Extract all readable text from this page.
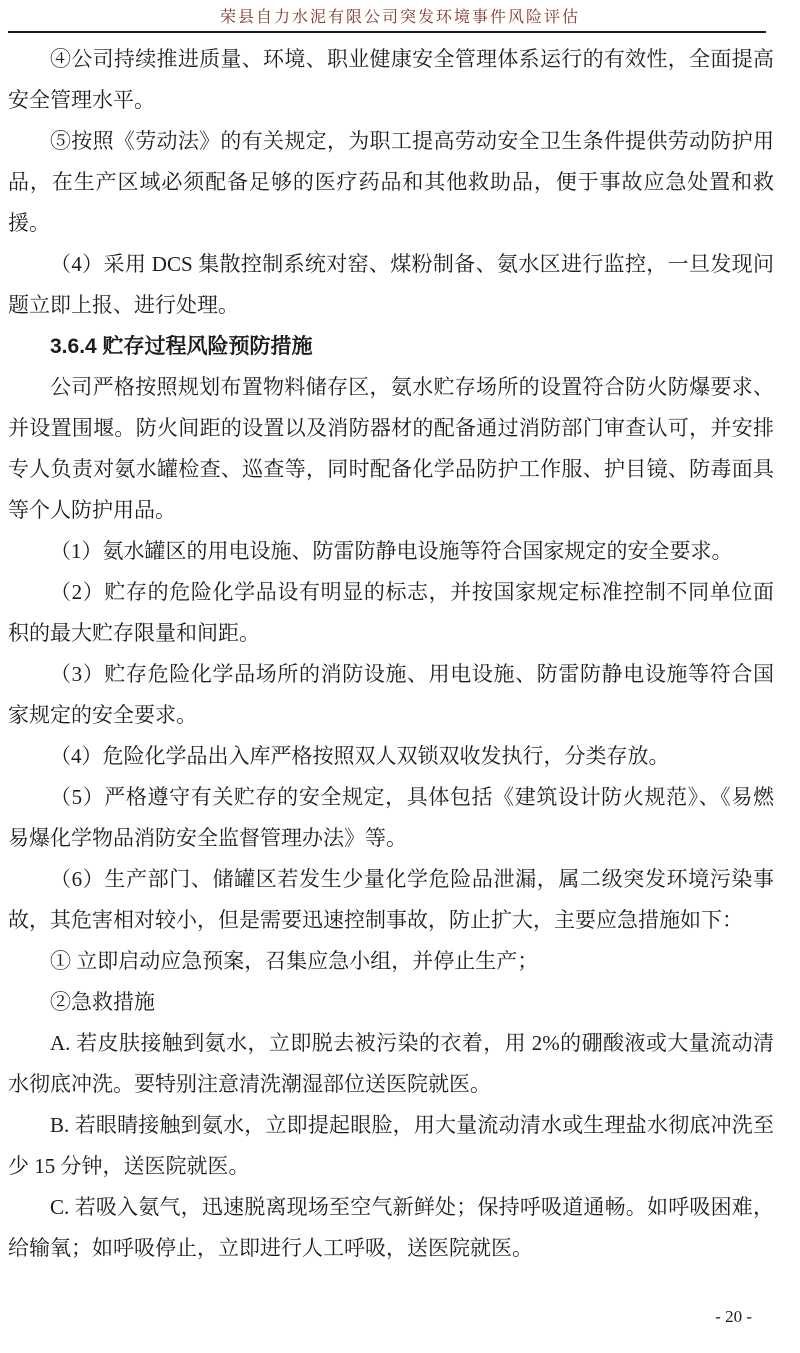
荣县自力水泥有限公司突发环境事件风险评估

④公司持续推进质量、环境、职业健康安全管理体系运行的有效性，全面提高安全管理水平。

⑤按照《劳动法》的有关规定，为职工提高劳动安全卫生条件提供劳动防护用品，在生产区域必须配备足够的医疗药品和其他救助品，便于事故应急处置和救援。

（4）采用 DCS 集散控制系统对窑、煤粉制备、氨水区进行监控，一旦发现问题立即上报、进行处理。

3.6.4 贮存过程风险预防措施

公司严格按照规划布置物料储存区，氨水贮存场所的设置符合防火防爆要求、并设置围堰。防火间距的设置以及消防器材的配备通过消防部门审查认可，并安排专人负责对氨水罐检查、巡查等，同时配备化学品防护工作服、护目镜、防毒面具等个人防护用品。

（1）氨水罐区的用电设施、防雷防静电设施等符合国家规定的安全要求。

（2）贮存的危险化学品设有明显的标志，并按国家规定标准控制不同单位面积的最大贮存限量和间距。

（3）贮存危险化学品场所的消防设施、用电设施、防雷防静电设施等符合国家规定的安全要求。

（4）危险化学品出入库严格按照双人双锁双收发执行，分类存放。

（5）严格遵守有关贮存的安全规定，具体包括《建筑设计防火规范》、《易燃易爆化学物品消防安全监督管理办法》等。

（6）生产部门、储罐区若发生少量化学危险品泄漏，属二级突发环境污染事故，其危害相对较小，但是需要迅速控制事故，防止扩大，主要应急措施如下：

① 立即启动应急预案，召集应急小组，并停止生产；

②急救措施

A. 若皮肤接触到氨水，立即脱去被污染的衣着，用 2%的硼酸液或大量流动清水彻底冲洗。要特别注意清洗潮湿部位送医院就医。

B. 若眼睛接触到氨水，立即提起眼脸，用大量流动清水或生理盐水彻底冲洗至少 15 分钟，送医院就医。

C. 若吸入氨气，迅速脱离现场至空气新鲜处；保持呼吸道通畅。如呼吸困难，给输氧；如呼吸停止，立即进行人工呼吸，送医院就医。

- 20 -
